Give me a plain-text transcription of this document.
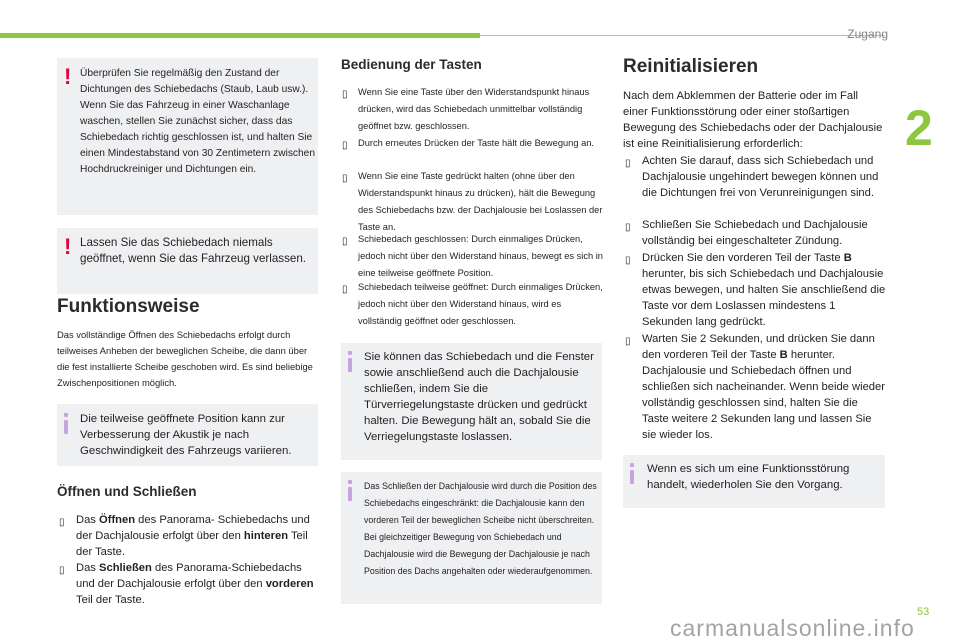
Zugang
2
! Überprüfen Sie regelmäßig den Zustand der Dichtungen des Schiebedachs (Staub, Laub usw.).
Wenn Sie das Fahrzeug in einer Waschanlage waschen, stellen Sie zunächst sicher, dass das Schiebedach richtig geschlossen ist, und halten Sie einen Mindestabstand von 30 Zentimetern zwischen Hochdruckreiniger und Dichtungen ein.
! Lassen Sie das Schiebedach niemals geöffnet, wenn Sie das Fahrzeug verlassen.
Funktionsweise
Das vollständige Öffnen des Schiebedachs erfolgt durch teilweises Anheben der beweglichen Scheibe, die dann über die fest installierte Scheibe geschoben wird. Es sind beliebige Zwischenpositionen möglich.
Die teilweise geöffnete Position kann zur Verbesserung der Akustik je nach Geschwindigkeit des Fahrzeugs variieren.
Öffnen und Schließen
▯ Das Öffnen des Panorama- Schiebedachs und der Dachjalousie erfolgt über den hinteren Teil der Taste.
▯ Das Schließen des Panorama-Schiebedachs und der Dachjalousie erfolgt über den vorderen Teil der Taste.
Bedienung der Tasten
▯ Wenn Sie eine Taste über den Widerstandspunkt hinaus drücken, wird das Schiebedach unmittelbar vollständig geöffnet bzw. geschlossen.
▯ Durch erneutes Drücken der Taste hält die Bewegung an.
▯ Wenn Sie eine Taste gedrückt halten (ohne über den Widerstandspunkt hinaus zu drücken), hält die Bewegung des Schiebedachs bzw. der Dachjalousie bei Loslassen der Taste an.
▯ Schiebedach geschlossen: Durch einmaliges Drücken, jedoch nicht über den Widerstand hinaus, bewegt es sich in eine teilweise geöffnete Position.
▯ Schiebedach teilweise geöffnet: Durch einmaliges Drücken, jedoch nicht über den Widerstand hinaus, wird es vollständig geöffnet oder geschlossen.
Sie können das Schiebedach und die Fenster sowie anschließend auch die Dachjalousie schließen, indem Sie die Türverriegelungstaste drücken und gedrückt halten. Die Bewegung hält an, sobald Sie die Verriegelungstaste loslassen.
Das Schließen der Dachjalousie wird durch die Position des Schiebedachs eingeschränkt: die Dachjalousie kann den vorderen Teil der beweglichen Scheibe nicht überschreiten. Bei gleichzeitiger Bewegung von Schiebedach und Dachjalousie wird die Bewegung der Dachjalousie je nach Position des Dachs angehalten oder wiederaufgenommen.
Reinitialisieren
Nach dem Abklemmen der Batterie oder im Fall einer Funktionsstörung oder einer stoßartigen Bewegung des Schiebedachs oder der Dachjalousie ist eine Reinitialisierung erforderlich:
▯ Achten Sie darauf, dass sich Schiebedach und Dachjalousie ungehindert bewegen können und die Dichtungen frei von Verunreinigungen sind.
▯ Schließen Sie Schiebedach und Dachjalousie vollständig bei eingeschalteter Zündung.
▯ Drücken Sie den vorderen Teil der Taste B herunter, bis sich Schiebedach und Dachjalousie etwas bewegen, und halten Sie anschließend die Taste vor dem Loslassen mindestens 1 Sekunden lang gedrückt.
▯ Warten Sie 2 Sekunden, und drücken Sie dann den vorderen Teil der Taste B herunter. Dachjalousie und Schiebedach öffnen und schließen sich nacheinander. Wenn beide wieder vollständig geschlossen sind, halten Sie die Taste weitere 2 Sekunden lang und lassen Sie sie wieder los.
Wenn es sich um eine Funktionsstörung handelt, wiederholen Sie den Vorgang.
53
carmanualsonline.info
